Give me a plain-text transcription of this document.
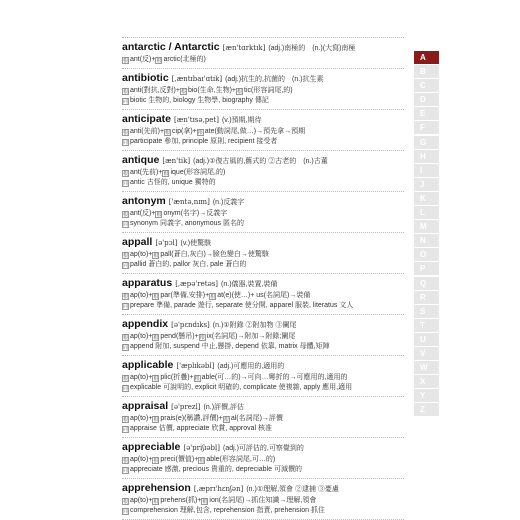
antarctic / Antarctic [æn'tɑrktɪk] (adj.)南極的　(n.)(大寫)南極
根 ant(反)+根 arctic(北極的)
antibiotic [,æntɪbaɪ'ɑtɪk] (adj.)抗生的,抗菌的　(n.)抗生素
根 anti(對抗,反對)+根 bio(生命,生物)+根 tic(形容詞尾,的)
同 biotic 生物的, biology 生物學, biography 傳記
anticipate [æn'tɪsə,pet] (v.)預期,期待
根 anti(先前)+根 cip(拿)+根 ate(動詞尾,做…)→預先拿→預期
同 participate 參加, principle 原則, recipient 接受者
antique [æn'tik] (adj.)①復古風的,舊式的 ②古老的　(n.)古董
根 ant(先前)+根 ique(形容詞尾,的)
同 antic 古怪的, unique 獨特的
antonym ['æntə,nɪm] (n.)反義字
根 ant(反)+根 onym(名字)→反義字
同 synonym 同義字, anonymous 匿名的
appall [ə'pɔl] (v.)使驚駭
根 ap(to)+根 pall(蒼白,灰白)→臉色變白→使驚駭
同 pallid 蒼白的, pallor 灰白, pale 蒼白的
apparatus [,æpə'retəs] (n.)儀器,裝置,裝備
根 ap(to)+根 par(準備,安排)+根 at(e)(使…)+ us(名詞尾)→裝備
同 prepare 準備, parade 遊行, separate 使分開, apparel 服裝, literatus 文人
appendix [ə'pɛndɪks] (n.)①附錄 ②附加物 ③闌尾
根 ap(to)+根 pend(懸吊)+根 ix(名詞尾)→附加→附錄;闌尾
同 append 附加, suspend 中止,懸掛, depend 依靠, matrix 母體,矩陣
applicable ['æplɪkəbl] (adj.)可應用的,適用的
根 ap(to)+根 plic(折疊)+根 able(可…的)→可向…彎折的→可應用的,適用的
同 explicable 可說明的, explicit 明確的, complicate 使複雜, apply 應用,適用
appraisal [ə'prezḷ] (n.)評價,評估
根 ap(to)+根 prais(e)(稱讚,評價)+根 al(名詞尾)→評價
同 appraise 估價, appreciate 欣賞, approval 核准
appreciable [ə'priʃɪəbḷ] (adj.)可評估的,可察覺到的
根 ap(to)+根 preci(價值)+根 able(形容詞尾,可…的)
同 appreciate 感激, precious 貴重的, depreciable 可減價的
apprehension [,æprɪ'hɛnʃən] (n.)①理解,領會 ②逮捕 ③憂慮
根 ap(to)+根 prehens(抓)+根 ion(名詞尾)→抓住知識→理解,領會
同 comprehension 理解,包含, reprehension 指責, prehension 抓住
A
B
C
D
E
F
G
H
I
J
K
L
M
N
O
P
Q
R
S
T
U
V
W
X
Y
Z
